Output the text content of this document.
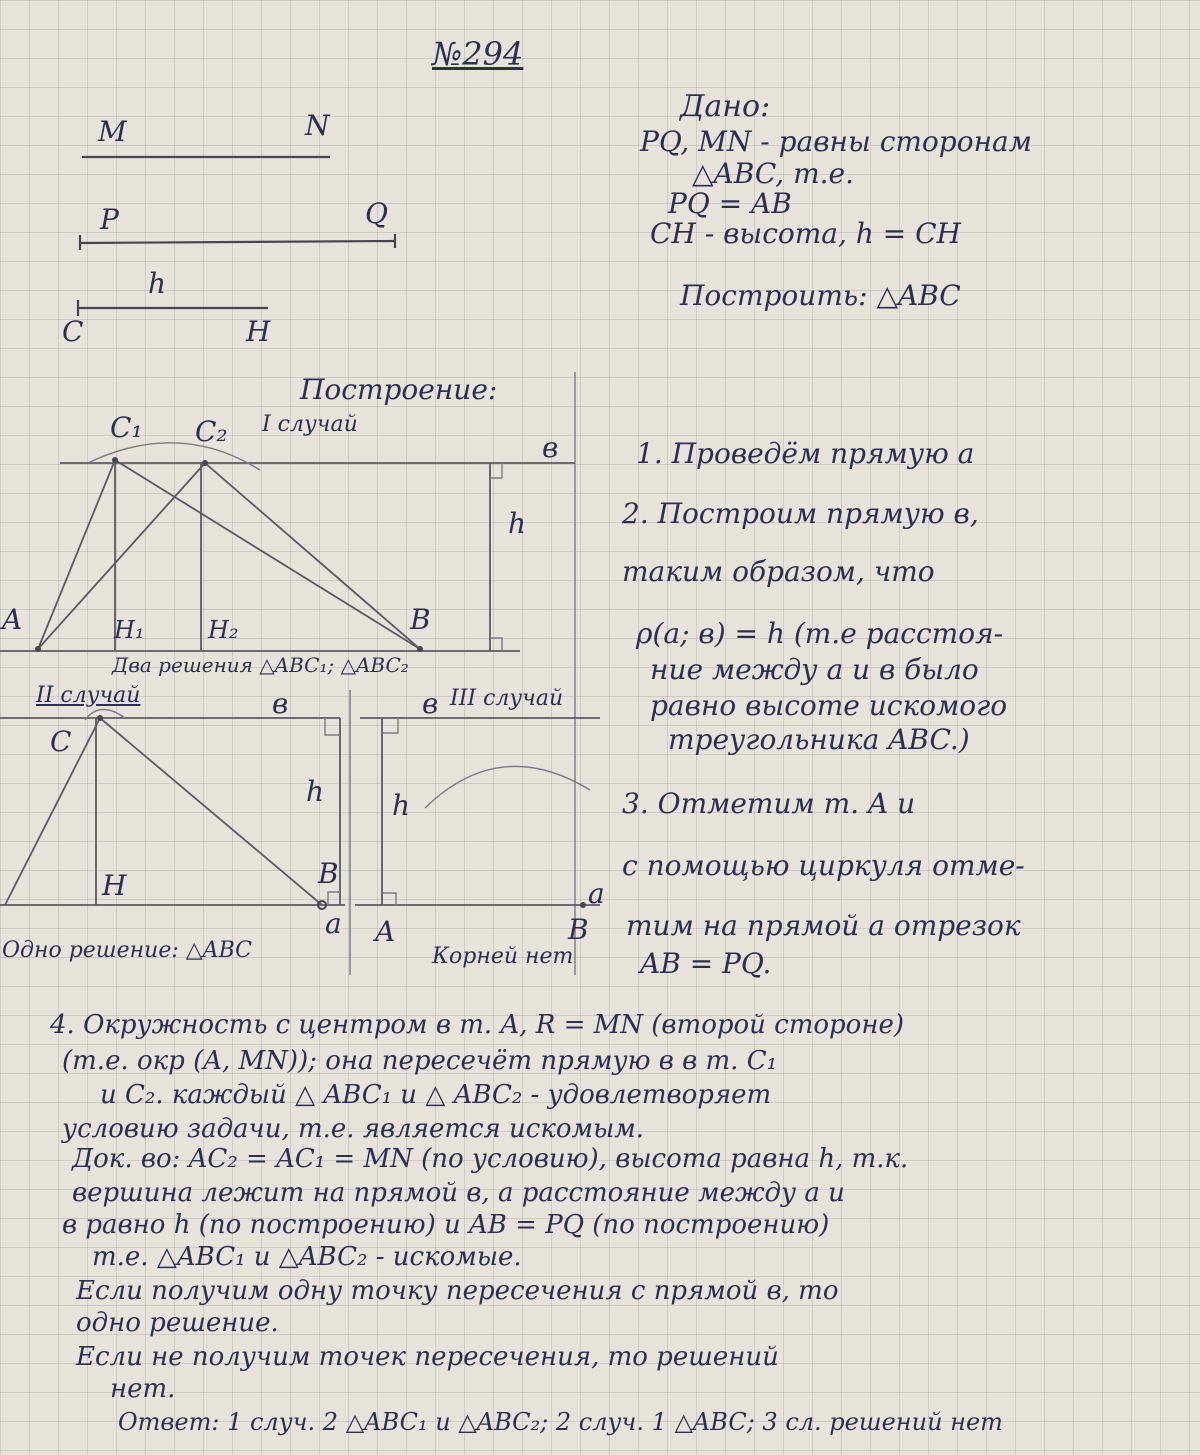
№294
M	N
P	Q
h
C	H
Дано:
PQ, MN - равны сторонам
△ABC, т.е.
PQ = AB
CH - высота, h = CH
Построить: △ABC
Построение:
I случай
C₁ C₂	в
h
A	H₁	H₂	B
Два решения △ABC₁; △ABC₂
II случай
C
в
h
B
H
a
Одно решение: △ABC
в III случай
h
a
A	B
Корней нет
1. Проведём прямую а
2. Построим прямую в,
таким образом, что
ρ(а; в) = h (т.е расстоя-
ние между а и в было
равно высоте искомого
треугольника ABC.)
3. Отметим т. A и
с помощью циркуля отме-
тим на прямой а отрезок
AB = PQ.
4. Окружность с центром в т. A, R = MN (второй стороне)
(т.е. окр (A, MN)); она пересечёт прямую в в т. C₁
и C₂. каждый △ ABC₁ и △ ABC₂ - удовлетворяет
условию задачи, т.е. является искомым.
Док. во: AC₂ = AC₁ = MN (по условию), высота равна h, т.к.
вершина лежит на прямой в, а расстояние между а и
в равно h (по построению) и AB = PQ (по построению)
т.е. △ABC₁ и △ABC₂ - искомые.
Если получим одну точку пересечения с прямой в, то
одно решение.
Если не получим точек пересечения, то решений
нет.
Ответ: 1 случ. 2 △ABC₁ и △ABC₂; 2 случ. 1 △ABC; 3 сл. решений нет
